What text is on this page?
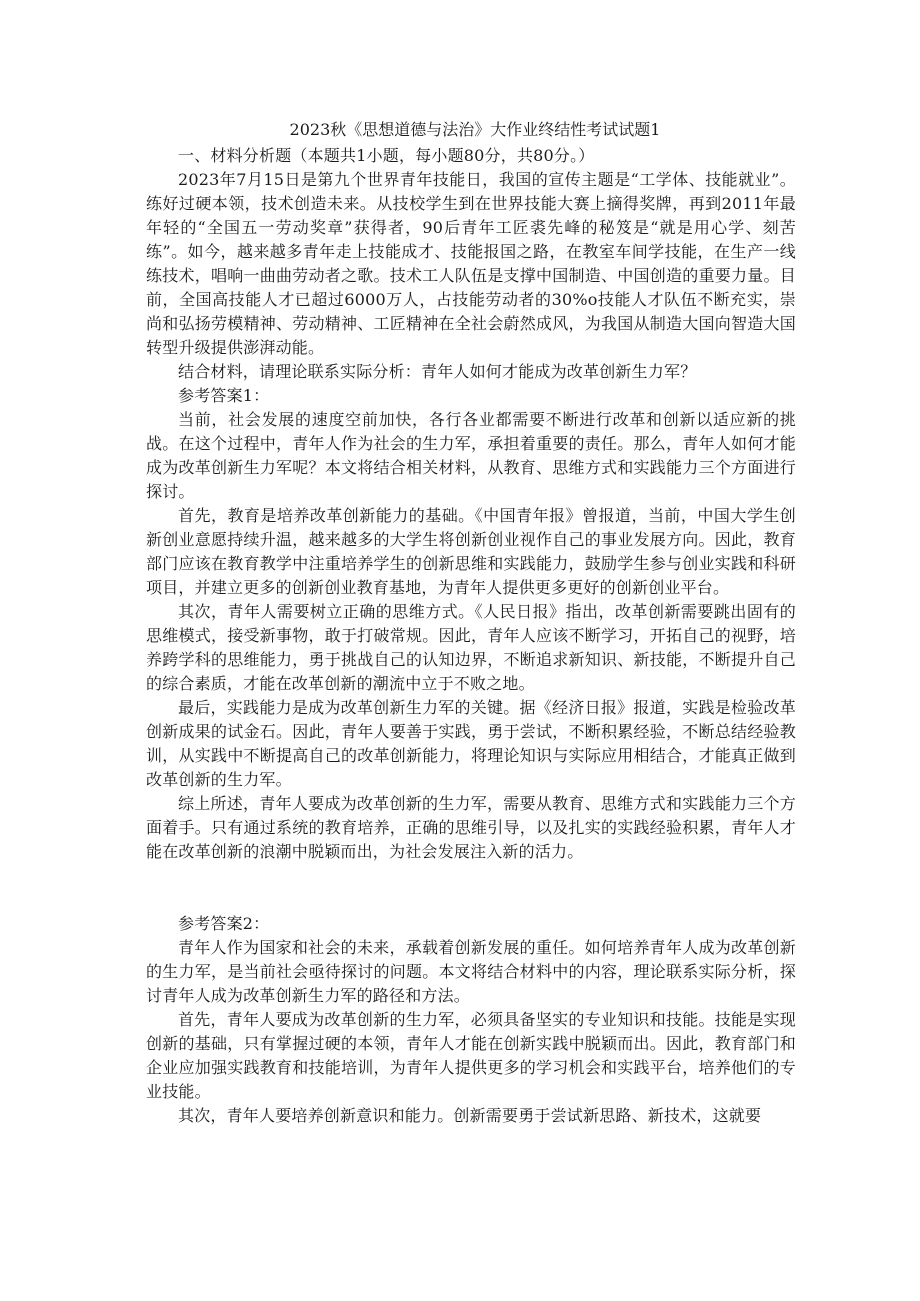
2023秋《思想道德与法治》大作业终结性考试试题1

一、材料分析题（本题共1小题，每小题80分，共80分。）

2023年7月15日是第九个世界青年技能日，我国的宣传主题是“工学体、技能就业”。练好过硬本领，技术创造未来。从技校学生到在世界技能大赛上摘得奖牌，再到2011年最年轻的“全国五一劳动奖章”获得者，90后青年工匠裘先峰的秘笈是“就是用心学、刻苦练”。如今，越来越多青年走上技能成才、技能报国之路，在教室车间学技能，在生产一线练技术，唱响一曲曲劳动者之歌。技术工人队伍是支撑中国制造、中国创造的重要力量。目前，全国高技能人才已超过6000万人，占技能劳动者的30%o技能人才队伍不断充实，崇尚和弘扬劳模精神、劳动精神、工匠精神在全社会蔚然成风，为我国从制造大国向智造大国转型升级提供澎湃动能。

结合材料，请理论联系实际分析：青年人如何才能成为改革创新生力军？

参考答案1：

当前，社会发展的速度空前加快，各行各业都需要不断进行改革和创新以适应新的挑战。在这个过程中，青年人作为社会的生力军，承担着重要的责任。那么，青年人如何才能成为改革创新生力军呢？本文将结合相关材料，从教育、思维方式和实践能力三个方面进行探讨。

首先，教育是培养改革创新能力的基础。《中国青年报》曾报道，当前，中国大学生创新创业意愿持续升温，越来越多的大学生将创新创业视作自己的事业发展方向。因此，教育部门应该在教育教学中注重培养学生的创新思维和实践能力，鼓励学生参与创业实践和科研项目，并建立更多的创新创业教育基地，为青年人提供更多更好的创新创业平台。

其次，青年人需要树立正确的思维方式。《人民日报》指出，改革创新需要跳出固有的思维模式，接受新事物，敢于打破常规。因此，青年人应该不断学习，开拓自己的视野，培养跨学科的思维能力，勇于挑战自己的认知边界，不断追求新知识、新技能，不断提升自己的综合素质，才能在改革创新的潮流中立于不败之地。

最后，实践能力是成为改革创新生力军的关键。据《经济日报》报道，实践是检验改革创新成果的试金石。因此，青年人要善于实践，勇于尝试，不断积累经验，不断总结经验教训，从实践中不断提高自己的改革创新能力，将理论知识与实际应用相结合，才能真正做到改革创新的生力军。

综上所述，青年人要成为改革创新的生力军，需要从教育、思维方式和实践能力三个方面着手。只有通过系统的教育培养，正确的思维引导，以及扎实的实践经验积累，青年人才能在改革创新的浪潮中脱颖而出，为社会发展注入新的活力。

参考答案2：

青年人作为国家和社会的未来，承载着创新发展的重任。如何培养青年人成为改革创新的生力军，是当前社会亟待探讨的问题。本文将结合材料中的内容，理论联系实际分析，探讨青年人成为改革创新生力军的路径和方法。

首先，青年人要成为改革创新的生力军，必须具备坚实的专业知识和技能。技能是实现创新的基础，只有掌握过硬的本领，青年人才能在创新实践中脱颖而出。因此，教育部门和企业应加强实践教育和技能培训，为青年人提供更多的学习机会和实践平台，培养他们的专业技能。

其次，青年人要培养创新意识和能力。创新需要勇于尝试新思路、新技术，这就要
